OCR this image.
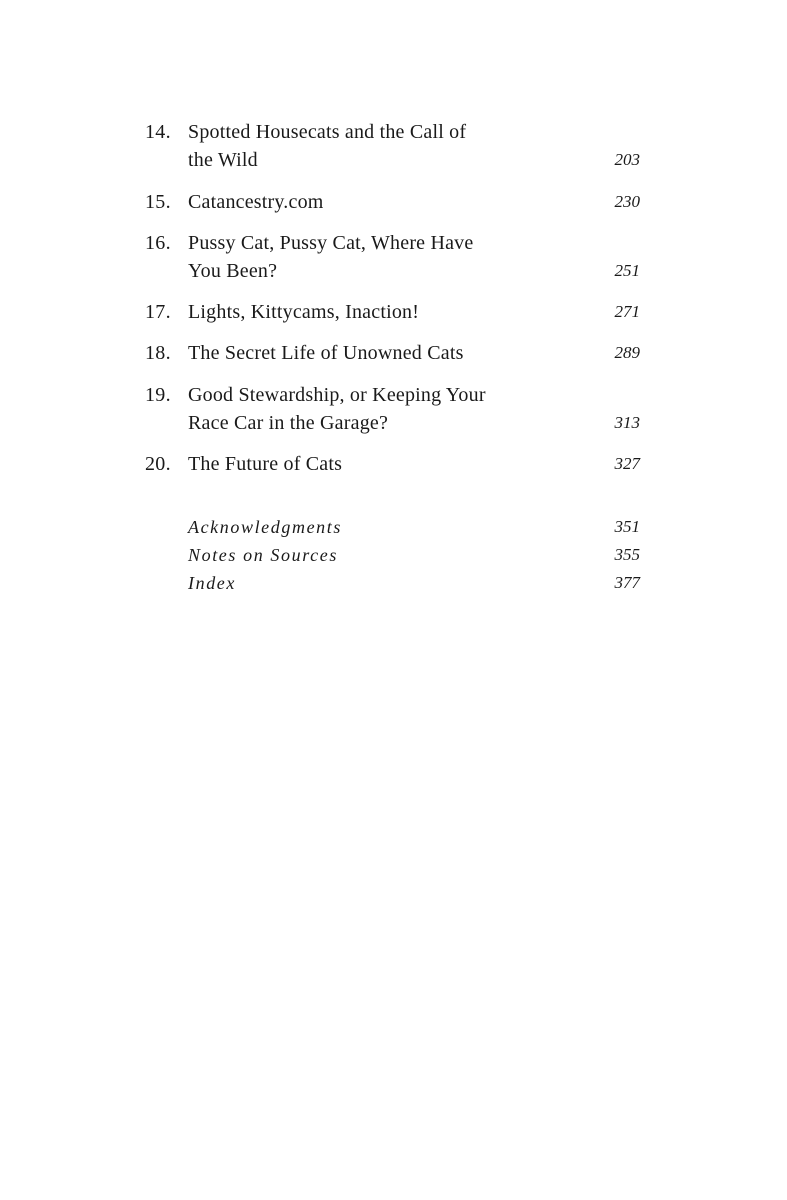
14. Spotted Housecats and the Call of
the Wild	203
15. Catancestry.com	230
16. Pussy Cat, Pussy Cat, Where Have
You Been?	251
17. Lights, Kittycams, Inaction!	271
18. The Secret Life of Unowned Cats	289
19. Good Stewardship, or Keeping Your
Race Car in the Garage?	313
20. The Future of Cats	327
Acknowledgments	351
Notes on Sources	355
Index	377
